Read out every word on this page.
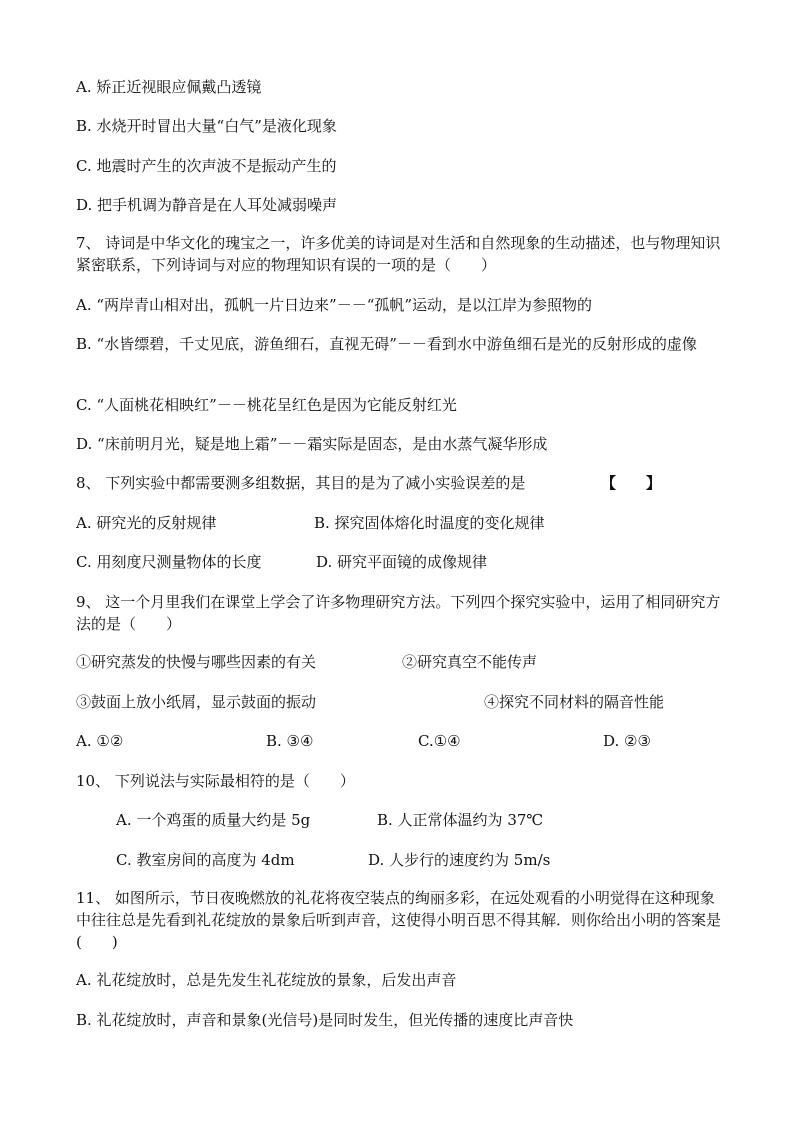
A. 矫正近视眼应佩戴凸透镜
B. 水烧开时冒出大量“白气”是液化现象
C. 地震时产生的次声波不是振动产生的
D. 把手机调为静音是在人耳处减弱噪声
7、 诗词是中华文化的瑰宝之一，许多优美的诗词是对生活和自然现象的生动描述，也与物理知识紧密联系，下列诗词与对应的物理知识有误的一项的是（　　）
A. “两岸青山相对出，孤帆一片日边来”－－“孤帆”运动，是以江岸为参照物的
B. “水皆缥碧，千丈见底，游鱼细石，直视无碍”－－看到水中游鱼细石是光的反射形成的虚像
C. “人面桃花相映红”－－桃花呈红色是因为它能反射红光
D. “床前明月光，疑是地上霜”－－霜实际是固态，是由水蒸气凝华形成
8、 下列实验中都需要测多组数据，其目的是为了减小实验误差的是	【　　】
A. 研究光的反射规律	B. 探究固体熔化时温度的变化规律
C. 用刻度尺测量物体的长度	D. 研究平面镜的成像规律
9、 这一个月里我们在课堂上学会了许多物理研究方法。下列四个探究实验中，运用了相同研究方法的是（　　）
①研究蒸发的快慢与哪些因素的有关	②研究真空不能传声
③鼓面上放小纸屑，显示鼓面的振动	④探究不同材料的隔音性能
A. ①②	B. ③④	C.①④	D. ②③
10、 下列说法与实际最相符的是（　　）
A. 一个鸡蛋的质量大约是 5g	B. 人正常体温约为 37℃
C. 教室房间的高度为 4dm	D. 人步行的速度约为 5m/s
11、 如图所示，节日夜晚燃放的礼花将夜空装点的绚丽多彩，在远处观看的小明觉得在这种现象中往往总是先看到礼花绽放的景象后听到声音，这使得小明百思不得其解．则你给出小明的答案是(　　)
A. 礼花绽放时，总是先发生礼花绽放的景象，后发出声音
B. 礼花绽放时，声音和景象(光信号)是同时发生，但光传播的速度比声音快
